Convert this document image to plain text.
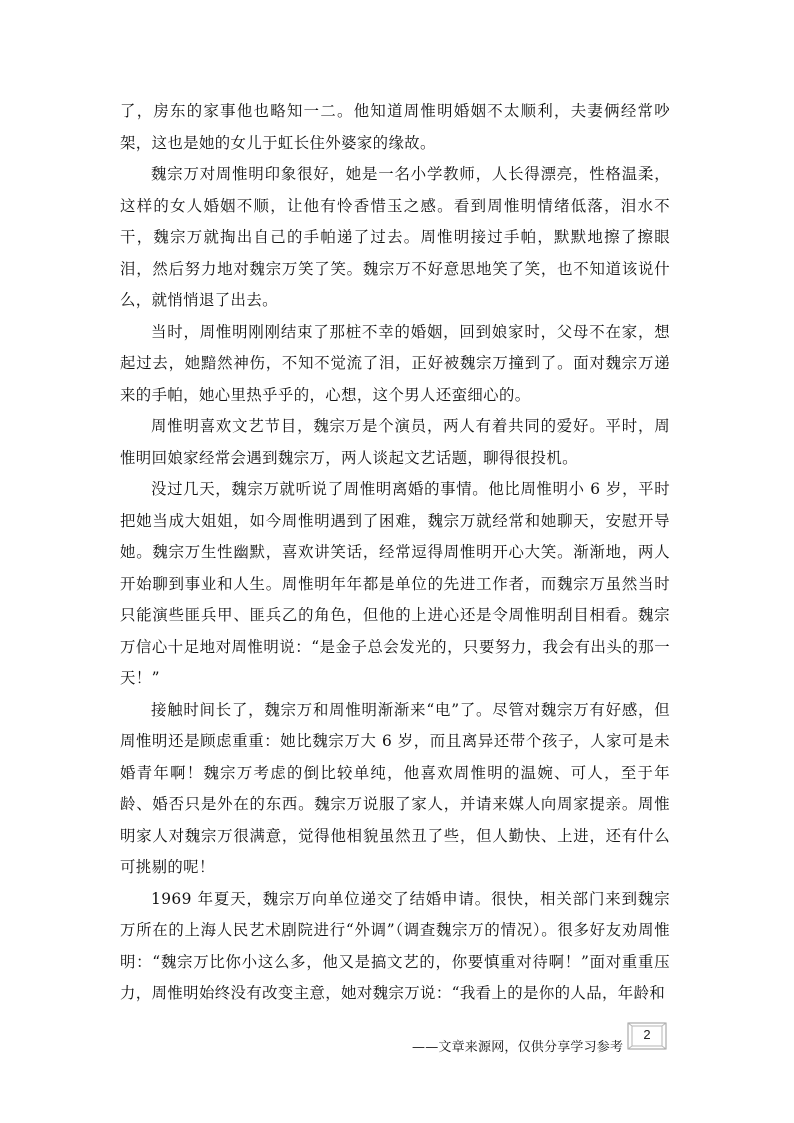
了，房东的家事他也略知一二。他知道周惟明婚姻不太顺利，夫妻俩经常吵架，这也是她的女儿于虹长住外婆家的缘故。

魏宗万对周惟明印象很好，她是一名小学教师，人长得漂亮，性格温柔，这样的女人婚姻不顺，让他有怜香惜玉之感。看到周惟明情绪低落，泪水不干，魏宗万就掏出自己的手帕递了过去。周惟明接过手帕，默默地擦了擦眼泪，然后努力地对魏宗万笑了笑。魏宗万不好意思地笑了笑，也不知道该说什么，就悄悄退了出去。

当时，周惟明刚刚结束了那桩不幸的婚姻，回到娘家时，父母不在家，想起过去，她黯然神伤，不知不觉流了泪，正好被魏宗万撞到了。面对魏宗万递来的手帕，她心里热乎乎的，心想，这个男人还蛮细心的。

周惟明喜欢文艺节目，魏宗万是个演员，两人有着共同的爱好。平时，周惟明回娘家经常会遇到魏宗万，两人谈起文艺话题，聊得很投机。

没过几天，魏宗万就听说了周惟明离婚的事情。他比周惟明小 6 岁，平时把她当成大姐姐，如今周惟明遇到了困难，魏宗万就经常和她聊天，安慰开导她。魏宗万生性幽默，喜欢讲笑话，经常逗得周惟明开心大笑。渐渐地，两人开始聊到事业和人生。周惟明年年都是单位的先进工作者，而魏宗万虽然当时只能演些匪兵甲、匪兵乙的角色，但他的上进心还是令周惟明刮目相看。魏宗万信心十足地对周惟明说：“是金子总会发光的，只要努力，我会有出头的那一天！”

接触时间长了，魏宗万和周惟明渐渐来“电”了。尽管对魏宗万有好感，但周惟明还是顾虑重重：她比魏宗万大 6 岁，而且离异还带个孩子，人家可是未婚青年啊！魏宗万考虑的倒比较单纯，他喜欢周惟明的温婉、可人，至于年龄、婚否只是外在的东西。魏宗万说服了家人，并请来媒人向周家提亲。周惟明家人对魏宗万很满意，觉得他相貌虽然丑了些，但人勤快、上进，还有什么可挑剔的呢！

1969 年夏天，魏宗万向单位递交了结婚申请。很快，相关部门来到魏宗万所在的上海人民艺术剧院进行“外调”（调查魏宗万的情况）。很多好友劝周惟明：“魏宗万比你小这么多，他又是搞文艺的，你要慎重对待啊！”面对重重压力，周惟明始终没有改变主意，她对魏宗万说：“我看上的是你的人品，年龄和

——文章来源网，仅供分享学习参考
2
